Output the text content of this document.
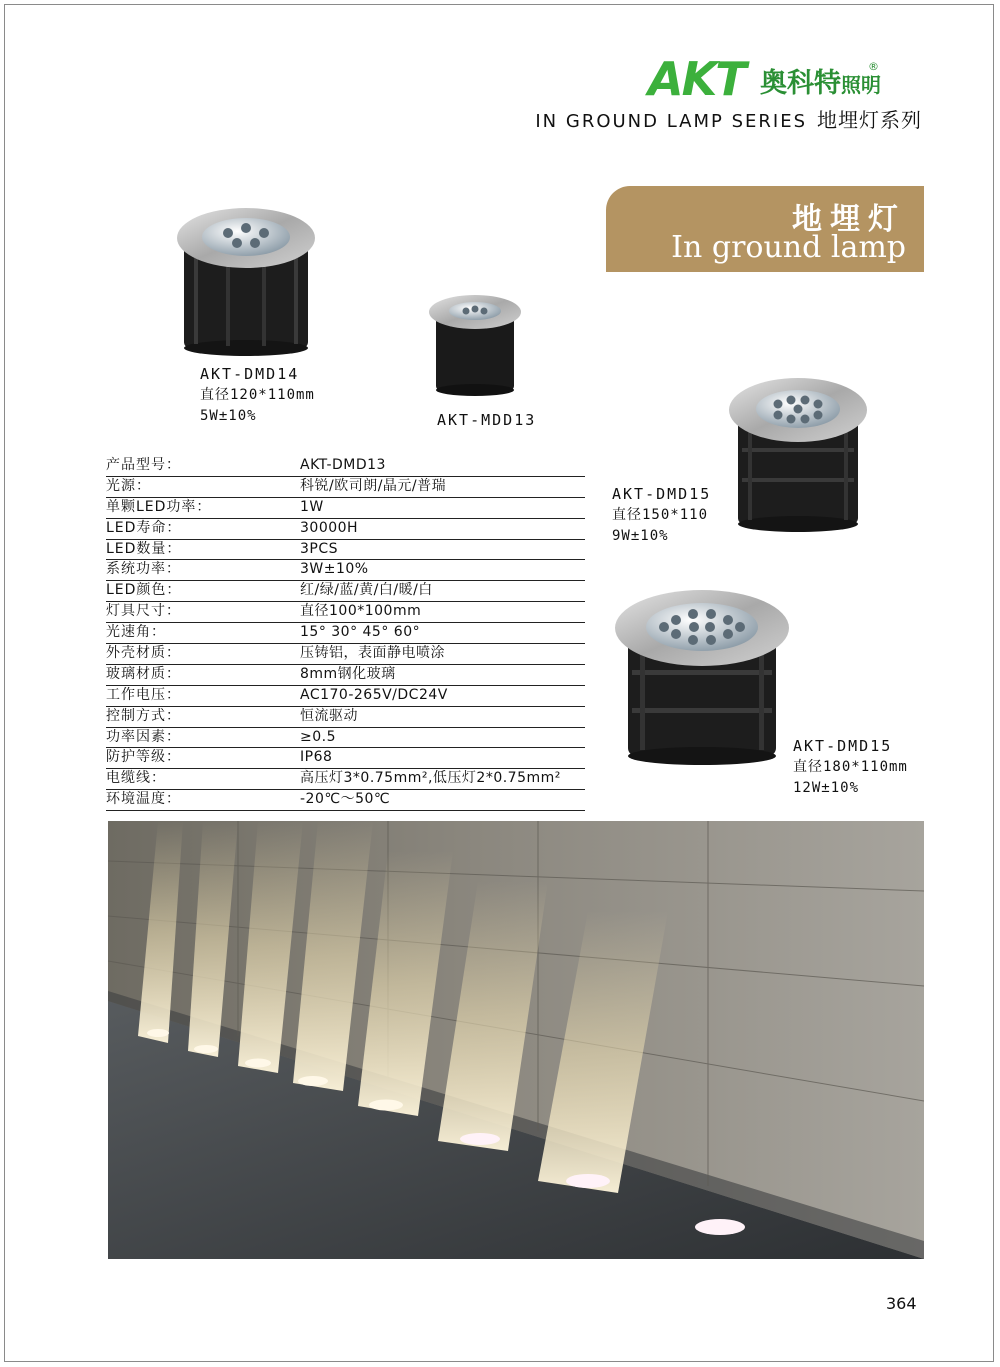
AKT 奥科特照明
®
IN GROUND LAMP SERIES 地埋灯系列
地埋灯
In ground lamp
AKT-DMD14
直径120*110mm
5W±10%	AKT-MDD13
AKT-DMD15
直径150*110
9W±10%
AKT-DMD15
直径180*110mm
12W±10%
产品型号：	AKT-DMD13
光源：	科锐/欧司朗/晶元/普瑞
单颗LED功率：	1W
LED寿命：	30000H
LED数量：	3PCS
系统功率：	3W±10%
LED颜色：	红/绿/蓝/黄/白/暖/白
灯具尺寸：	直径100*100mm
光速角：	15° 30° 45° 60°
外壳材质：	压铸铝，表面静电喷涂
玻璃材质：	8mm钢化玻璃
工作电压：	AC170-265V/DC24V
控制方式：	恒流驱动
功率因素：	≥0.5
防护等级：	IP68
电缆线：	高压灯3*0.75mm²,低压灯2*0.75mm²
环境温度：	-20℃～50℃
364
